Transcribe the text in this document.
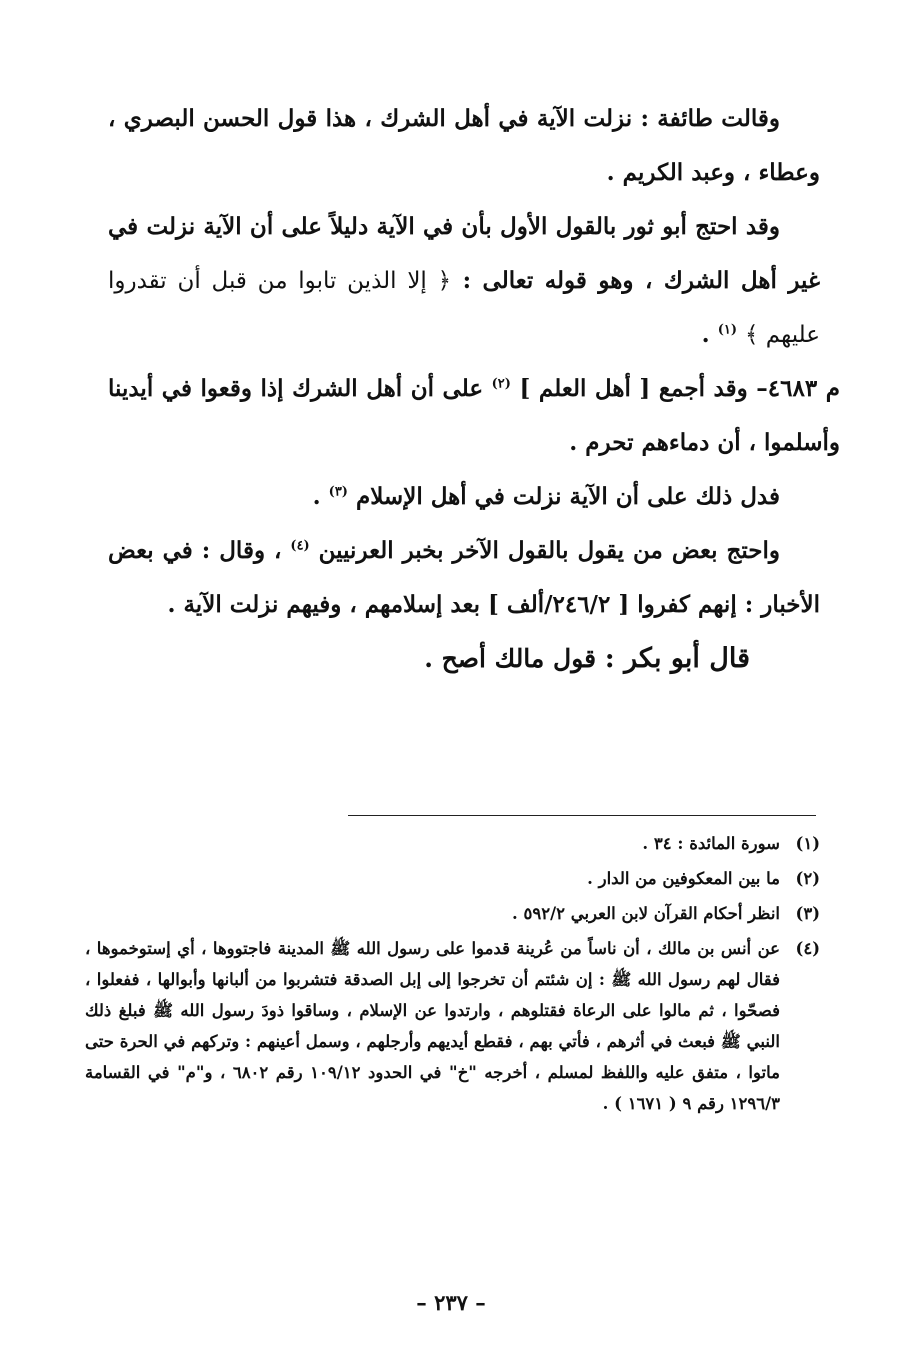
وقالت طائفة : نزلت الآية في أهل الشرك ، هذا قول الحسن البصري ، وعطاء ، وعبد الكريم .

وقد احتج أبو ثور بالقول الأول بأن في الآية دليلاً على أن الآية نزلت في غير أهل الشرك ، وهو قوله تعالى : ﴿ إلا الذين تابوا من قبل أن تقدروا عليهم ﴾ $^{(١)}$ .

م ٤٦٨٣– وقد أجمع [ أهل العلم ] $^{(٢)}$ على أن أهل الشرك إذا وقعوا في أيدينا وأسلموا ، أن دماءهم تحرم .

فدل ذلك على أن الآية نزلت في أهل الإسلام $^{(٣)}$ .

واحتج بعض من يقول بالقول الآخر بخبر العرنيين $^{(٤)}$ ، وقال : في بعض الأخبار : إنهم كفروا [ ٢٤٦/٢/ألف ] بعد إسلامهم ، وفيهم نزلت الآية .

قال أبو بكر : قول مالك أصح .

(١)
سورة المائدة : ٣٤ .
(٢)
ما بين المعكوفين من الدار .
(٣)
انظر أحكام القرآن لابن العربي ٥٩٢/٢ .
(٤)
عن أنس بن مالك ، أن ناساً من عُرينة قدموا على رسول الله ﷺ المدينة فاجتووها ، أي إستوخموها ، فقال لهم رسول الله ﷺ : إن شئتم أن تخرجوا إلى إبل الصدقة فتشربوا من ألبانها وأبوالها ، ففعلوا ، فصحّوا ، ثم مالوا على الرعاة فقتلوهم ، وارتدوا عن الإسلام ، وساقوا ذودَ رسول الله ﷺ فبلغ ذلك النبي ﷺ فبعث في أثرهم ، فأتي بهم ، فقطع أيديهم وأرجلهم ، وسمل أعينهم : وتركهم في الحرة حتى ماتوا ، متفق عليه واللفظ لمسلم ، أخرجه "خ" في الحدود ١٠٩/١٢ رقم ٦٨٠٢ ، و"م" في القسامة ١٢٩٦/٣ رقم ٩ ( ١٦٧١ ) .
– ٢٣٧ –
